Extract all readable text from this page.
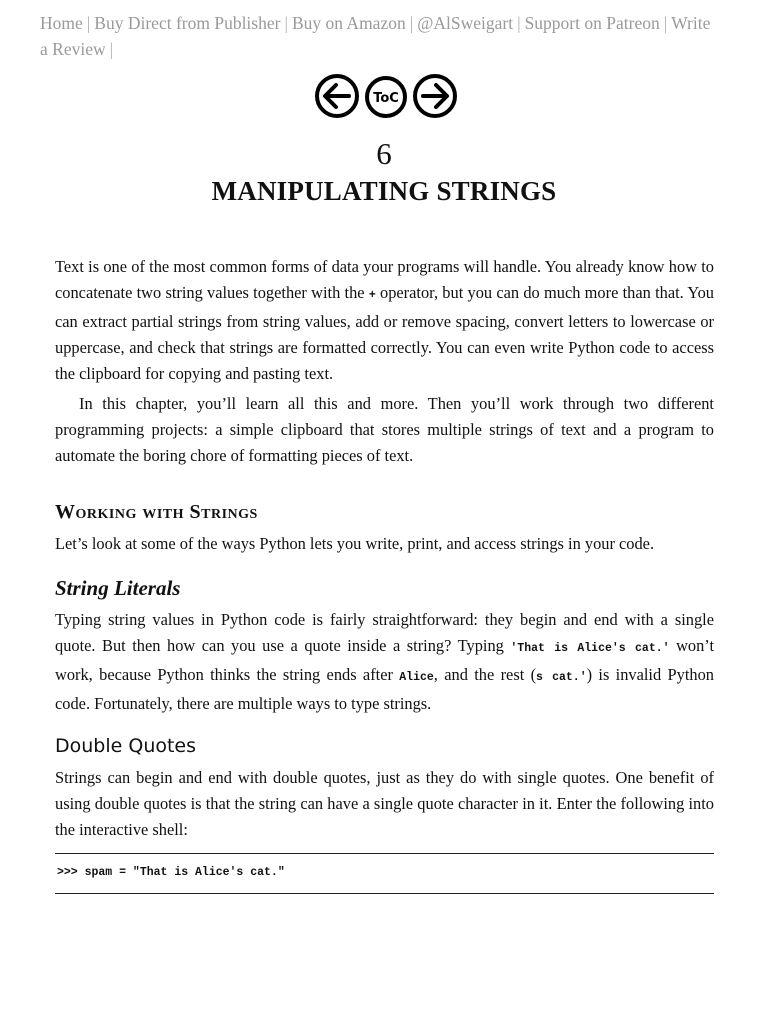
Home | Buy Direct from Publisher | Buy on Amazon | @AlSweigart | Support on Patreon | Write a Review |
ToC
6
MANIPULATING STRINGS

Text is one of the most common forms of data your programs will handle. You already know how to concatenate two string values together with the + operator, but you can do much more than that. You can extract partial strings from string values, add or remove spacing, convert letters to lowercase or uppercase, and check that strings are formatted correctly. You can even write Python code to access the clipboard for copying and pasting text.

In this chapter, you’ll learn all this and more. Then you’ll work through two different programming projects: a simple clipboard that stores multiple strings of text and a program to automate the boring chore of formatting pieces of text.

Working with Strings

Let’s look at some of the ways Python lets you write, print, and access strings in your code.

String Literals

Typing string values in Python code is fairly straightforward: they begin and end with a single quote. But then how can you use a quote inside a string? Typing 'That is Alice's cat.' won’t work, because Python thinks the string ends after Alice, and the rest (s cat.') is invalid Python code. Fortunately, there are multiple ways to type strings.

Double Quotes

Strings can begin and end with double quotes, just as they do with single quotes. One benefit of using double quotes is that the string can have a single quote character in it. Enter the following into the interactive shell:

>>> spam = "That is Alice's cat."
